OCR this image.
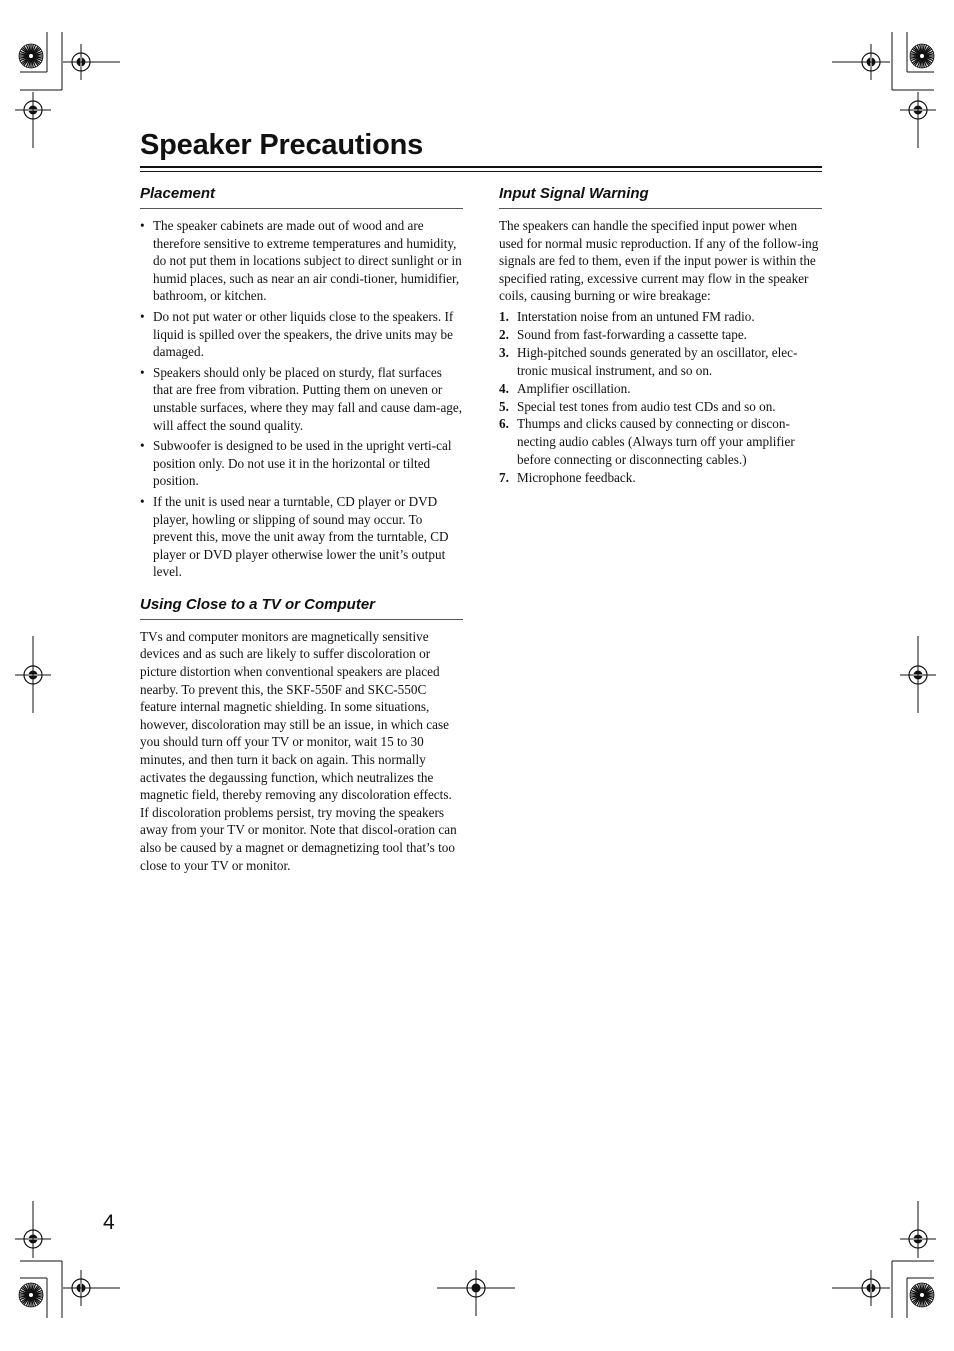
Speaker Precautions
Placement
• The speaker cabinets are made out of wood and are therefore sensitive to extreme temperatures and humidity, do not put them in locations subject to direct sunlight or in humid places, such as near an air condi-tioner, humidifier, bathroom, or kitchen.
• Do not put water or other liquids close to the speakers. If liquid is spilled over the speakers, the drive units may be damaged.
• Speakers should only be placed on sturdy, flat surfaces that are free from vibration. Putting them on uneven or unstable surfaces, where they may fall and cause dam-age, will affect the sound quality.
• Subwoofer is designed to be used in the upright verti-cal position only. Do not use it in the horizontal or tilted position.
• If the unit is used near a turntable, CD player or DVD player, howling or slipping of sound may occur. To prevent this, move the unit away from the turntable, CD player or DVD player otherwise lower the unit’s output level.
Using Close to a TV or Computer

TVs and computer monitors are magnetically sensitive devices and as such are likely to suffer discoloration or picture distortion when conventional speakers are placed nearby. To prevent this, the SKF-550F and SKC-550C feature internal magnetic shielding. In some situations, however, discoloration may still be an issue, in which case you should turn off your TV or monitor, wait 15 to 30 minutes, and then turn it back on again. This normally activates the degaussing function, which neutralizes the magnetic field, thereby removing any discoloration effects. If discoloration problems persist, try moving the speakers away from your TV or monitor. Note that discol-oration can also be caused by a magnet or demagnetizing tool that’s too close to your TV or monitor.

Input Signal Warning

The speakers can handle the specified input power when used for normal music reproduction. If any of the follow-ing signals are fed to them, even if the input power is within the specified rating, excessive current may flow in the speaker coils, causing burning or wire breakage:

1. Interstation noise from an untuned FM radio.
2. Sound from fast-forwarding a cassette tape.
3. High-pitched sounds generated by an oscillator, elec-tronic musical instrument, and so on.
4. Amplifier oscillation.
5. Special test tones from audio test CDs and so on.
6. Thumps and clicks caused by connecting or discon-necting audio cables (Always turn off your amplifier before connecting or disconnecting cables.)
7. Microphone feedback.
4
